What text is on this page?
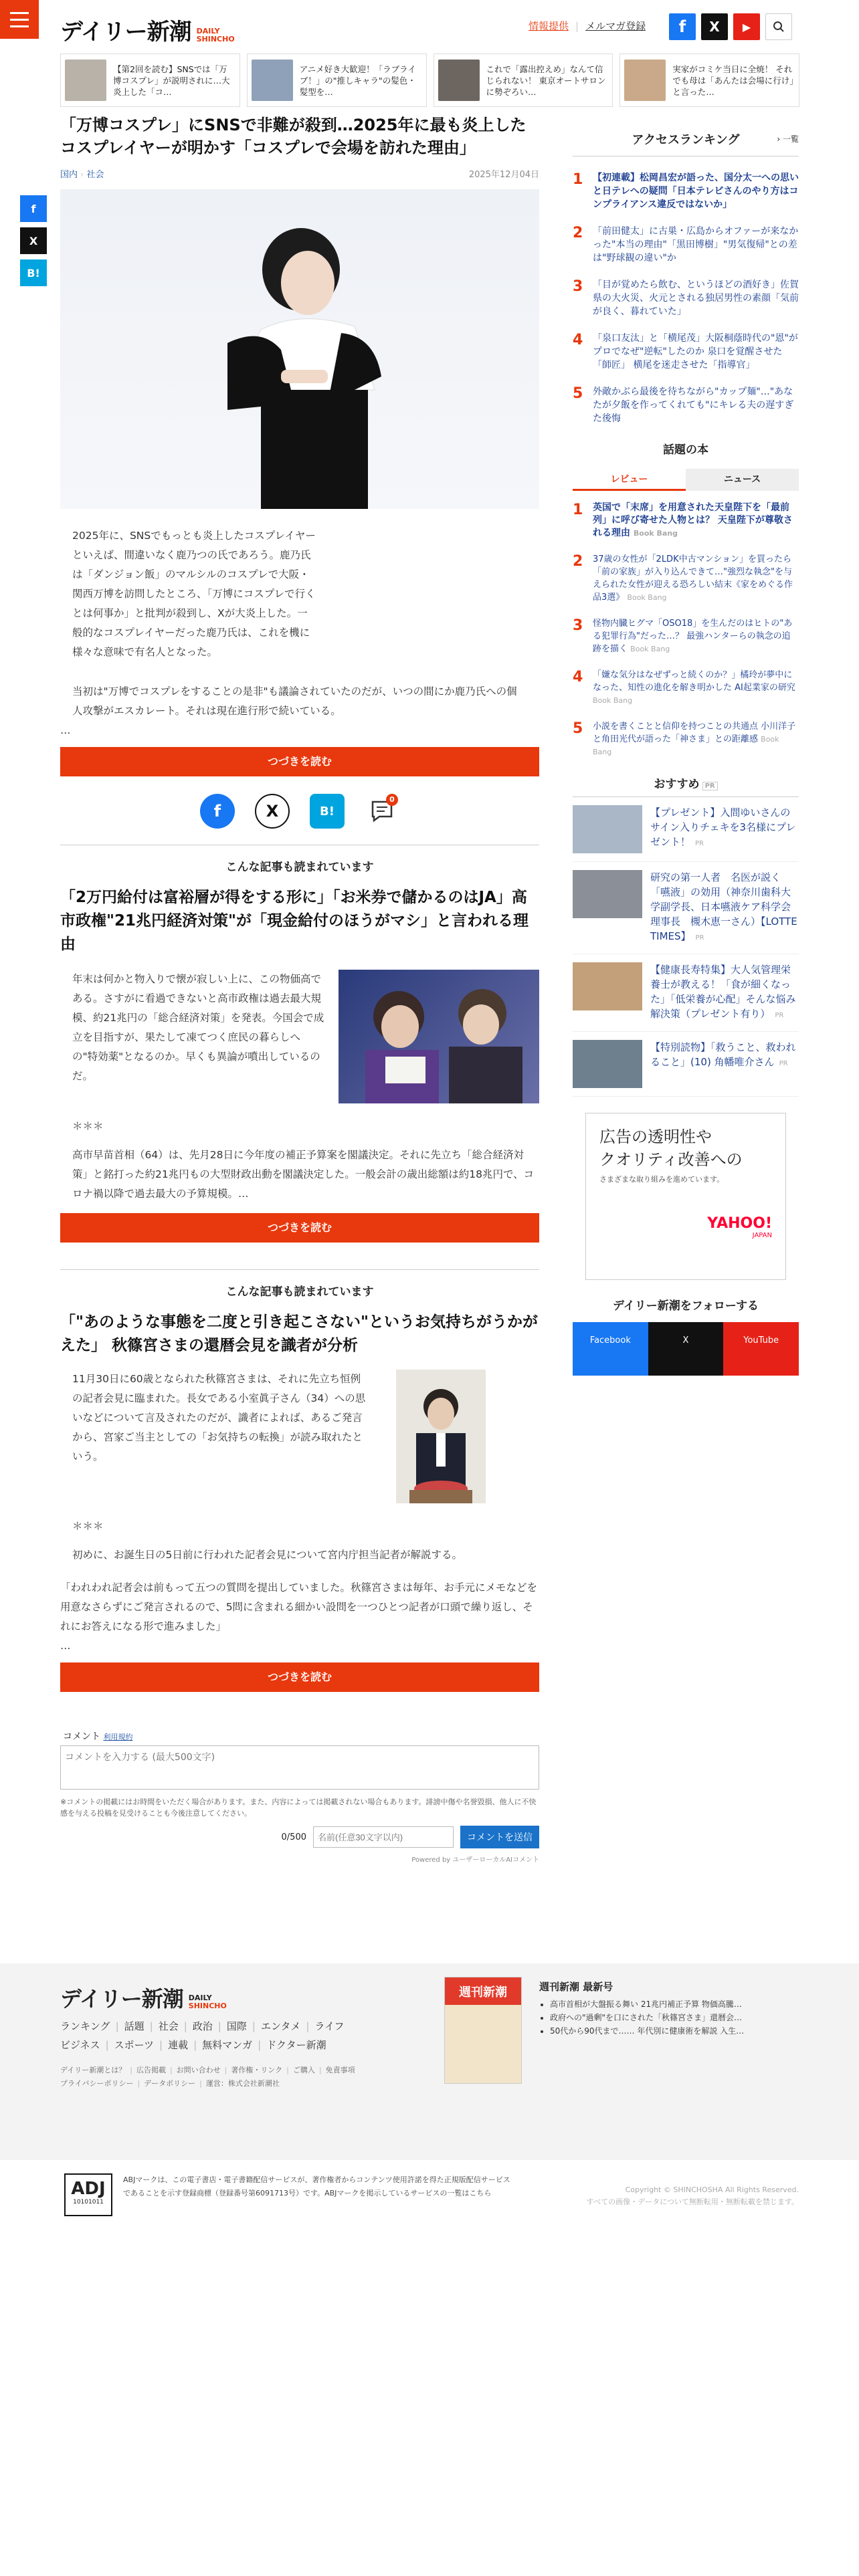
デイリー新潮 DAILY
SHINCHO
情報提供 | メルマガ登録	f	X	▶
【第2回を読む】SNSでは「万博コスプレ」が説明されに…大炎上した「コ…
アニメ好き大歓迎！「ラブライブ！」の"推しキャラ"の髪色・髪型を…
これで「露出控えめ」なんて信じられない！ 東京オートサロンに勢ぞろい…
実家がコミケ当日に全焼！ それでも母は「あんたは会場に行け」と言った…
f
X
B!
「万博コスプレ」にSNSで非難が殺到…2025年に最も炎上したコスプレイヤーが明かす「コスプレで会場を訪れた理由」
国内 › 社会	2025年12月04日

2025年に、SNSでもっとも炎上したコスプレイヤーといえば、間違いなく鹿乃つの氏であろう。鹿乃氏は「ダンジョン飯」のマルシルのコスプレで大阪・関西万博を訪問したところ、「万博にコスプレで行くとは何事か」と批判が殺到し、Xが大炎上した。一般的なコスプレイヤーだった鹿乃氏は、これを機に様々な意味で有名人となった。

当初は"万博でコスプレをすることの是非"も議論されていたのだが、いつの間にか鹿乃氏への個人攻撃がエスカレート。それは現在進行形で続いている。

…

つづきを読む
f	X	B!
0
こんな記事も読まれています
「2万円給付は富裕層が得をする形に」「お米券で儲かるのはJA」高市政権"21兆円経済対策"が「現金給付のほうがマシ」と言われる理由

年末は何かと物入りで懐が寂しい上に、この物価高である。さすがに看過できないと高市政権は過去最大規模、約21兆円の「総合経済対策」を発表。今国会で成立を目指すが、果たして凍てつく庶民の暮らしへの"特効薬"となるのか。早くも異論が噴出しているのだ。

＊＊＊

高市早苗首相（64）は、先月28日に今年度の補正予算案を閣議決定。それに先立ち「総合経済対策」と銘打った約21兆円もの大型財政出動を閣議決定した。一般会計の歳出総額は約18兆円で、コロナ禍以降で過去最大の予算規模。…

つづきを読む
こんな記事も読まれています
「"あのような事態を二度と引き起こさない"というお気持ちがうかがえた」 秋篠宮さまの還暦会見を識者が分析

11月30日に60歳となられた秋篠宮さまは、それに先立ち恒例の記者会見に臨まれた。長女である小室眞子さん（34）への思いなどについて言及されたのだが、識者によれば、あるご発言から、宮家ご当主としての「お気持ちの転換」が読み取れたという。

＊＊＊

初めに、お誕生日の5日前に行われた記者会見について宮内庁担当記者が解説する。

「われわれ記者会は前もって五つの質問を提出していました。秋篠宮さまは毎年、お手元にメモなどを用意なさらずにご発言されるので、5問に含まれる細かい設問を一つひとつ記者が口頭で繰り返し、それにお答えになる形で進みました」

…

つづきを読む
コメント 利用規約
コメントを入力する (最大500文字)

※コメントの掲載にはお時間をいただく場合があります。また、内容によっては掲載されない場合もあります。誹謗中傷や名誉毀損、他人に不快感を与える投稿を見受けることも今後注意してください。

0/500
名前(任意30文字以内)	コメントを送信
Powered by ユーザーローカルAIコメント
アクセスランキング	› 一覧
1 【初連載】松岡昌宏が語った、国分太一への思いと日テレへの疑問「日本テレビさんのやり方はコンプライアンス違反ではないか」
2 「前田健太」に古巣・広島からオファーが来なかった"本当の理由"「黒田博樹」"男気復帰"との差は"野球観の違い"か
3 「目が覚めたら飲む、というほどの酒好き」佐賀県の大火災、火元とされる独居男性の素顔「気前が良く、暮れていた」
4 「泉口友汰」と「横尾茂」大阪桐蔭時代の"恩"がプロでなぜ"逆転"したのか 泉口を覚醒させた「師匠」 横尾を迷走させた「指導官」
5 外敵かぶら最後を待ちながら"カップ麺"…"あなたが夕飯を作ってくれても"にキレる夫の遅すぎた後悔
話題の本
レビュー	ニュース
1 英国で「末席」を用意された天皇陛下を「最前列」に呼び寄せた人物とは？ 天皇陛下が尊敬される理由 Book Bang
2 37歳の女性が「2LDK中古マンション」を買ったら「前の家族」が入り込んできて…"強烈な執念"を与えられた女性が迎える恐ろしい結末《家をめぐる作品3選》 Book Bang
3 怪物内臓ヒグマ「OSO18」を生んだのはヒトの"ある犯罪行為"だった…？ 最強ハンターらの執念の追跡を描く Book Bang
4 「嫌な気分はなぜずっと続くのか？」橘玲が夢中になった、知性の進化を解き明かした AI起業家の研究 Book Bang
5 小説を書くことと信仰を持つことの共通点 小川洋子と角田光代が語った「神さま」との距離感 Book Bang
おすすめ PR
【プレゼント】入間ゆいさんのサイン入りチェキを3名様にプレゼント！ PR
研究の第一人者　名医が説く「嚥液」の効用（神奈川歯科大学副学長、日本嚥液ケア科学会理事長　槻木恵一さん）【LOTTE TIMES】 PR
【健康長寿特集】大人気管理栄養士が教える！「食が細くなった」「低栄養が心配」そんな悩み解決策（プレゼント有り） PR
【特別読物】「救うこと、救われること」(10) 角幡唯介さん PR
広告の透明性や
クオリティ改善への
さまざまな取り組みを進めています。
YAHOO!
JAPAN
デイリー新潮をフォローする
Facebook
f
X
X
YouTube
▶
デイリー新潮 DAILY
SHINCHO
ランキング | 話題 | 社会 | 政治 | 国際 | エンタメ | ライフ
ビジネス | スポーツ | 連載 | 無料マンガ | ドクター新潮
デイリー新潮とは？ | 広告掲載 | お問い合わせ | 著作権・リンク | ご購入 | 免責事項
プライバシーポリシー | データポリシー | 運営：株式会社新潮社
週刊新潮	週刊新潮 最新号
• 高市首相が大盤振る舞い 21兆円補正予算 物価高騰…
• 政府への"過剰"を口にされた「秋篠宮さま」還暦会…
• 50代から90代まで…… 年代別に健康術を解説 入生…
ADJ
10101011

ABJマークは、この電子書店・電子書籍配信サービスが、著作権者からコンテンツ使用許諾を得た正規版配信サービスであることを示す登録商標（登録番号第6091713号）です。ABJマークを掲示しているサービスの一覧はこちら	Copyright © SHINCHOSHA All Rights Reserved.
すべての画像・データについて無断転用・無断転載を禁じます。
